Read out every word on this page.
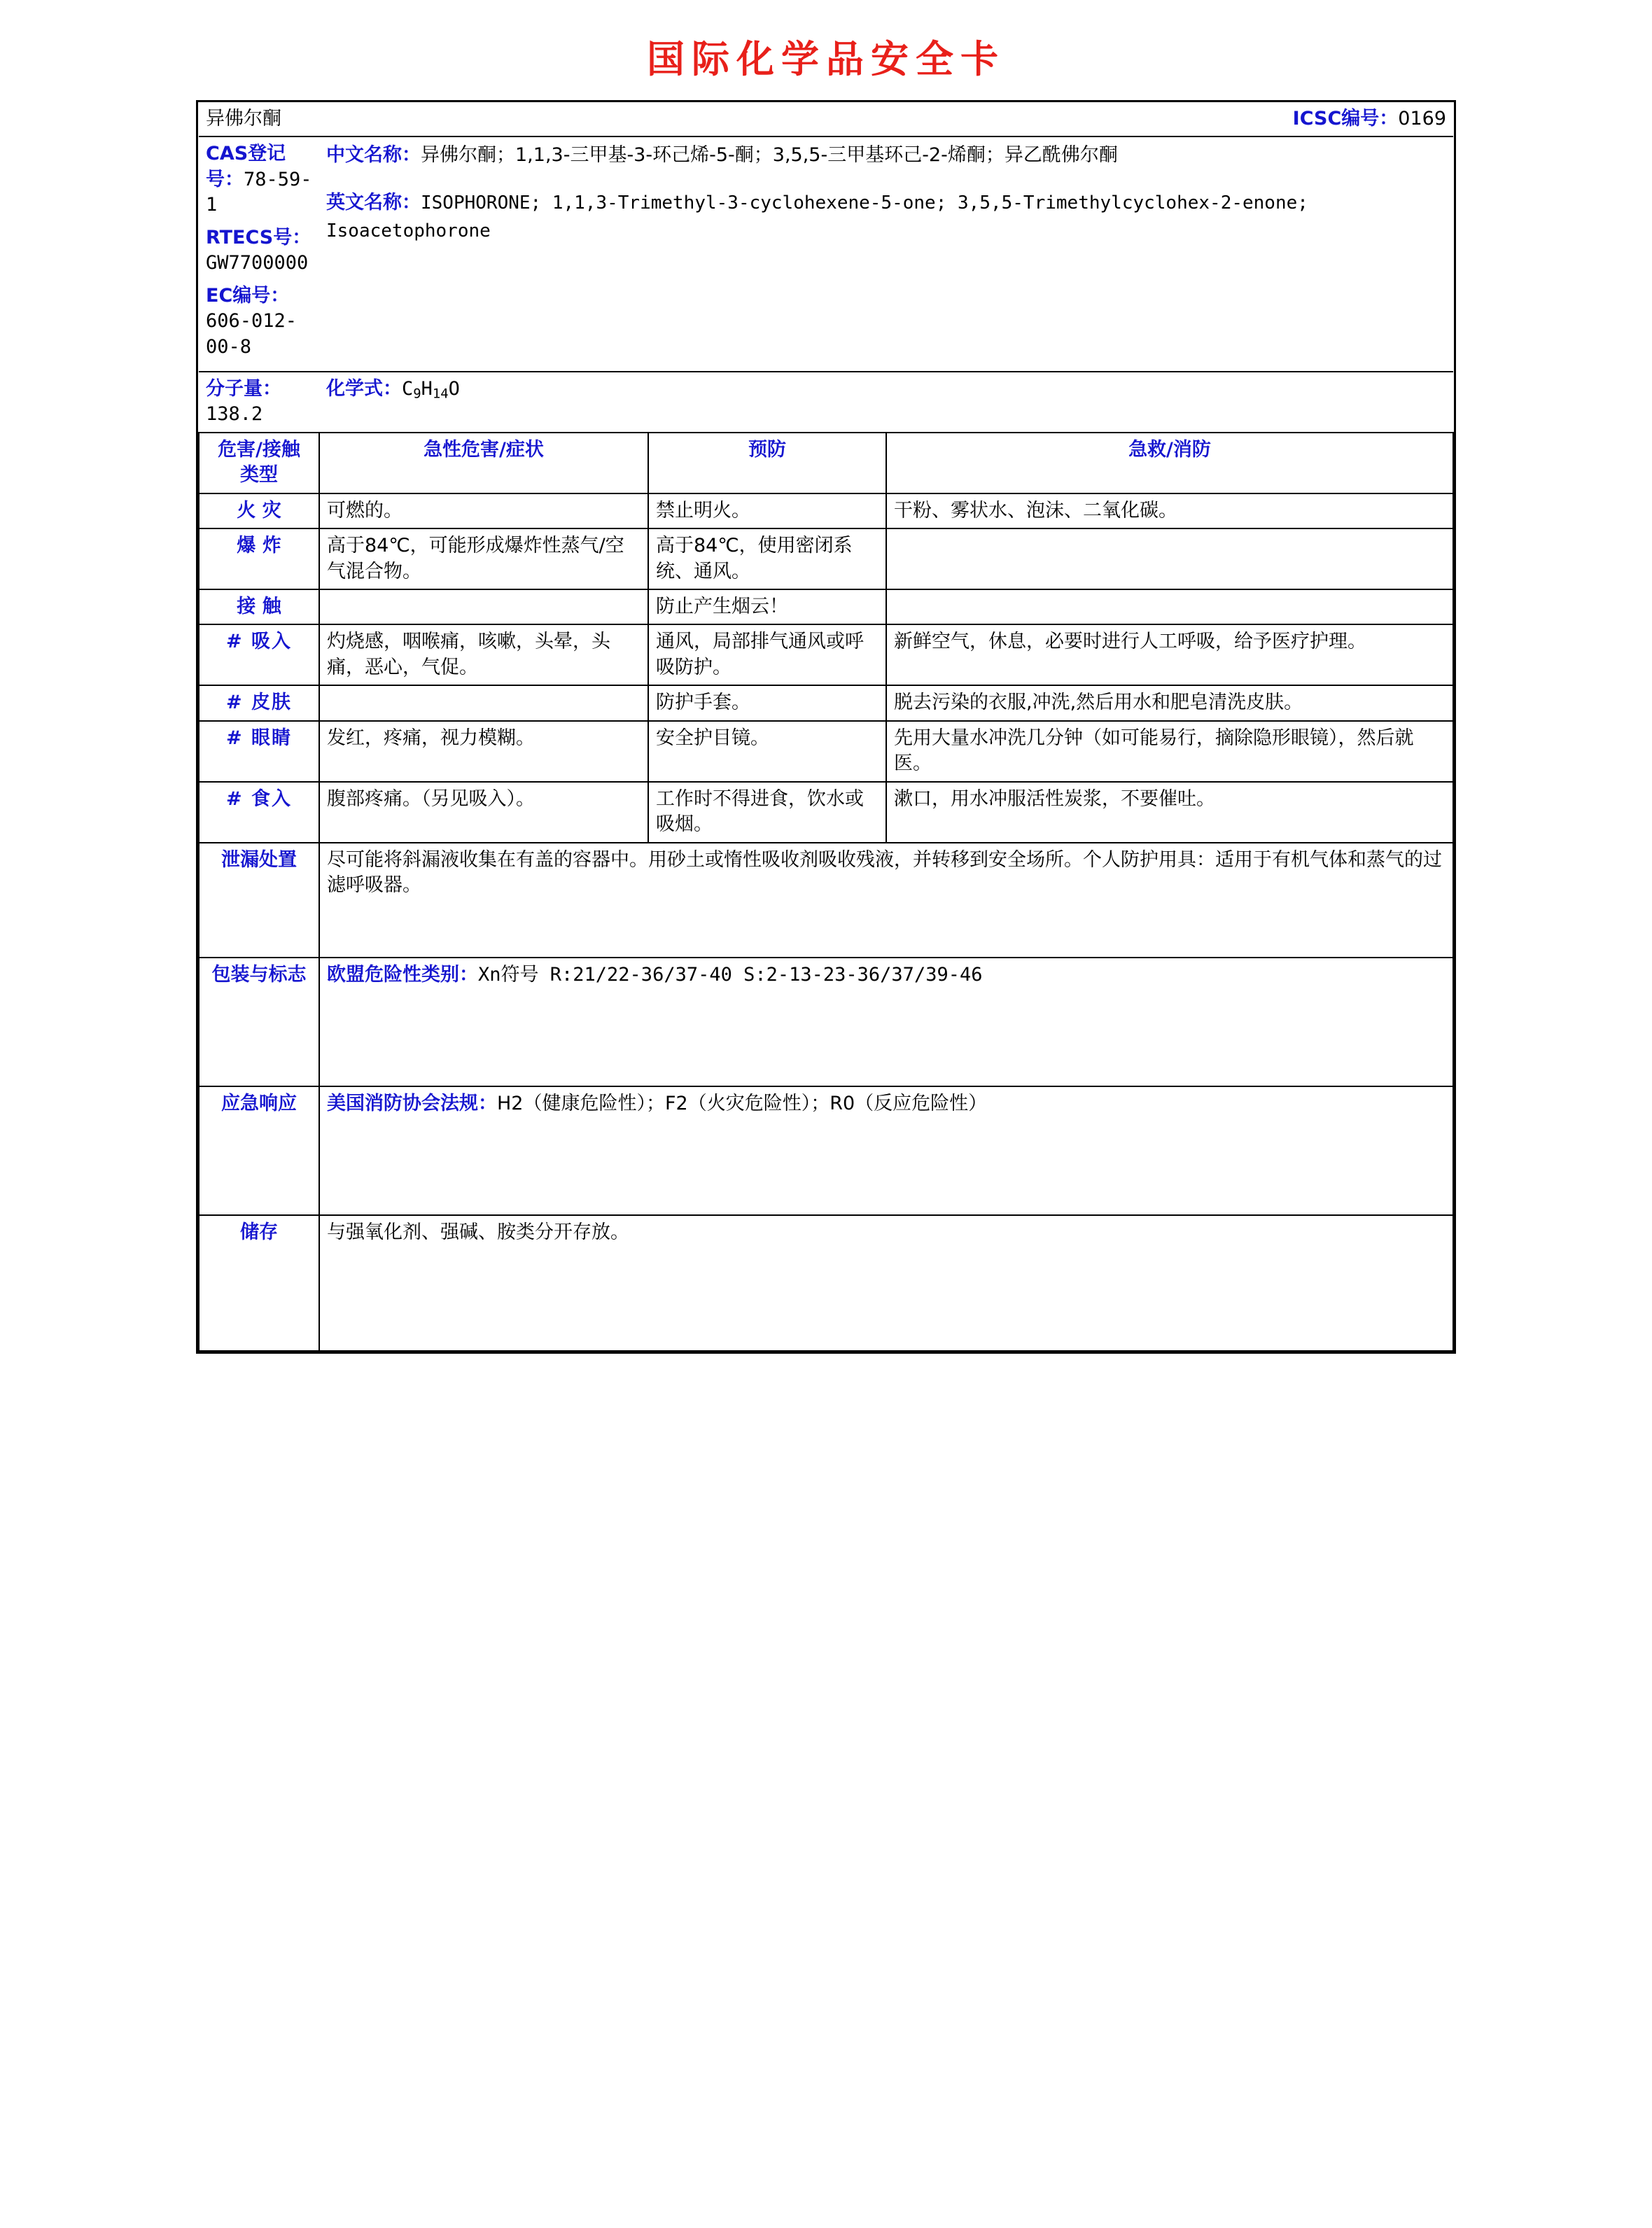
国际化学品安全卡
异佛尔酮		ICSC编号：0169	

CAS登记号：78-59-1
RTECS号：GW7700000
EC编号：606-012-00-8

中文名称：异佛尔酮；1,1,3-三甲基-3-环己烯-5-酮；3,5,5-三甲基环己-2-烯酮；异乙酰佛尔酮
英文名称：ISOPHORONE; 1,1,3-Trimethyl-3-cyclohexene-5-one; 3,5,5-Trimethylcyclohex-2-enone; Isoacetophorone

分子量：138.2	化学式：$C_9H_{14}O$		

危害/接触
类型	急性危害/症状	预防	急救/消防
火 灾	可燃的。	禁止明火。	干粉、雾状水、泡沫、二氧化碳。
爆 炸	高于84℃，可能形成爆炸性蒸气/空气混合物。	高于84℃，使用密闭系统、通风。	
接 触		防止产生烟云！	
# 吸入	灼烧感，咽喉痛，咳嗽，头晕，头痛，恶心，气促。	通风，局部排气通风或呼吸防护。	新鲜空气，休息，必要时进行人工呼吸，给予医疗护理。
# 皮肤		防护手套。	脱去污染的衣服,冲洗,然后用水和肥皂清洗皮肤。
# 眼睛	发红，疼痛，视力模糊。	安全护目镜。	先用大量水冲洗几分钟（如可能易行，摘除隐形眼镜），然后就医。
# 食入	腹部疼痛。（另见吸入）。	工作时不得进食，饮水或吸烟。	漱口，用水冲服活性炭浆，不要催吐。
泄漏处置	尽可能将斜漏液收集在有盖的容器中。用砂土或惰性吸收剂吸收残液，并转移到安全场所。个人防护用具：适用于有机气体和蒸气的过滤呼吸器。		
包装与标志	欧盟危险性类别：Xn符号 R:21/22-36/37-40 S:2-13-23-36/37/39-46		
应急响应	美国消防协会法规：H2（健康危险性）；F2（火灾危险性）；R0（反应危险性）		
储存	与强氧化剂、强碱、胺类分开存放。		
